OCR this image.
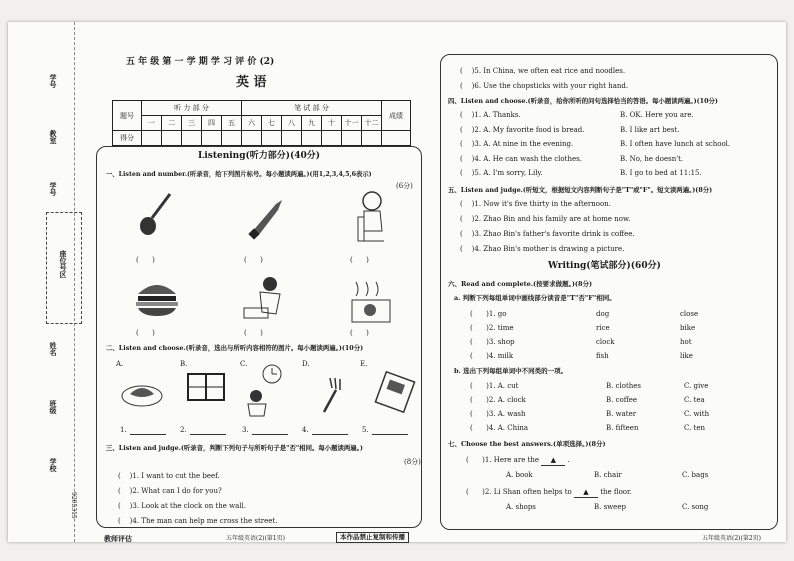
学号
教室
学号
座位号区
姓名
班级
学校
9205315
五 年 级 第 一 学 期 学 习 评 价 (2)
英 语
题号	听 力 部 分					笔 试 部 分							成绩
	一	二	三	四	五	六	七	八	九	十	十一	十二	
得分													
Listening(听力部分)(40分)
一、Listen and number.(听录音，给下列图片标号。每小题读两遍。)(用1,2,3,4,5,6表示)
(6分)
(      )	(      )	(      )
(      )	(      )	(      )
二、Listen and choose.(听录音，选出与所听内容相符的图片。每小题读两遍。)(10分)
A.	B.	C.	D.	E.
1.	2.	3.	4.	5.
三、Listen and judge.(听录音，判断下列句子与所听句子是"否"相同。每小题读两遍。)
(8分)
(    )1. I want to cut the beef.
(    )2. What can I do for you?
(    )3. Look at the clock on the wall.
(    )4. The man can help me cross the street.
教师评估	五年级英语(2)(第1页)	本作品禁止复制和传播
(    )5. In China, we often eat rice and noodles.
(    )6. Use the chopsticks with your right hand.
四、Listen and choose.(听录音，给你所听的问句选择恰当的答语。每小题读两遍。)(10分)
五、Listen and judge.(听短文，根据短文内容判断句子是"T"或"F"。短文读两遍。)(8分)
(    )1. Now it's five thirty in the afternoon.
(    )2. Zhao Bin and his family are at home now.
(    )3. Zhao Bin's father's favorite drink is coffee.
(    )4. Zhao Bin's mother is drawing a picture.
Writing(笔试部分)(60分)
六、Read and complete.(按要求做题。)(8分)
a. 判断下列每组单词中画线部分读音是"T"否"F"相同。
b. 选出下列每组单词中不同类的一项。
七、Choose the best answers.(单项选择。)(8分)
五年级英语(2)(第2页)
(    )1. A. Thanks.	B. OK. Here you are.
(    )2. A. My favorite food is bread.	B. I like art best.
(    )3. A. At nine in the evening.	B. I often have lunch at school.
(    )4. A. He can wash the clothes.	B. No, he doesn't.
(    )5. A. I'm sorry, Lily.	B. I go to bed at 11:15.
(      )1. go	dog	close
(      )2. time	rice	bike
(      )3. shop	clock	hot
(      )4. milk	fish	like
(      )1. A. cut	B. clothes	C. give
(      )2. A. clock	B. coffee	C. tea
(      )3. A. wash	B. water	C. with
(      )4. A. China	B. fifteen	C. ten
(      )1. Here are the ▲ .
A. book	B. chair	C. bags
(      )2. Li Shan often helps to ▲ the floor.
A. shops	B. sweep	C. song
